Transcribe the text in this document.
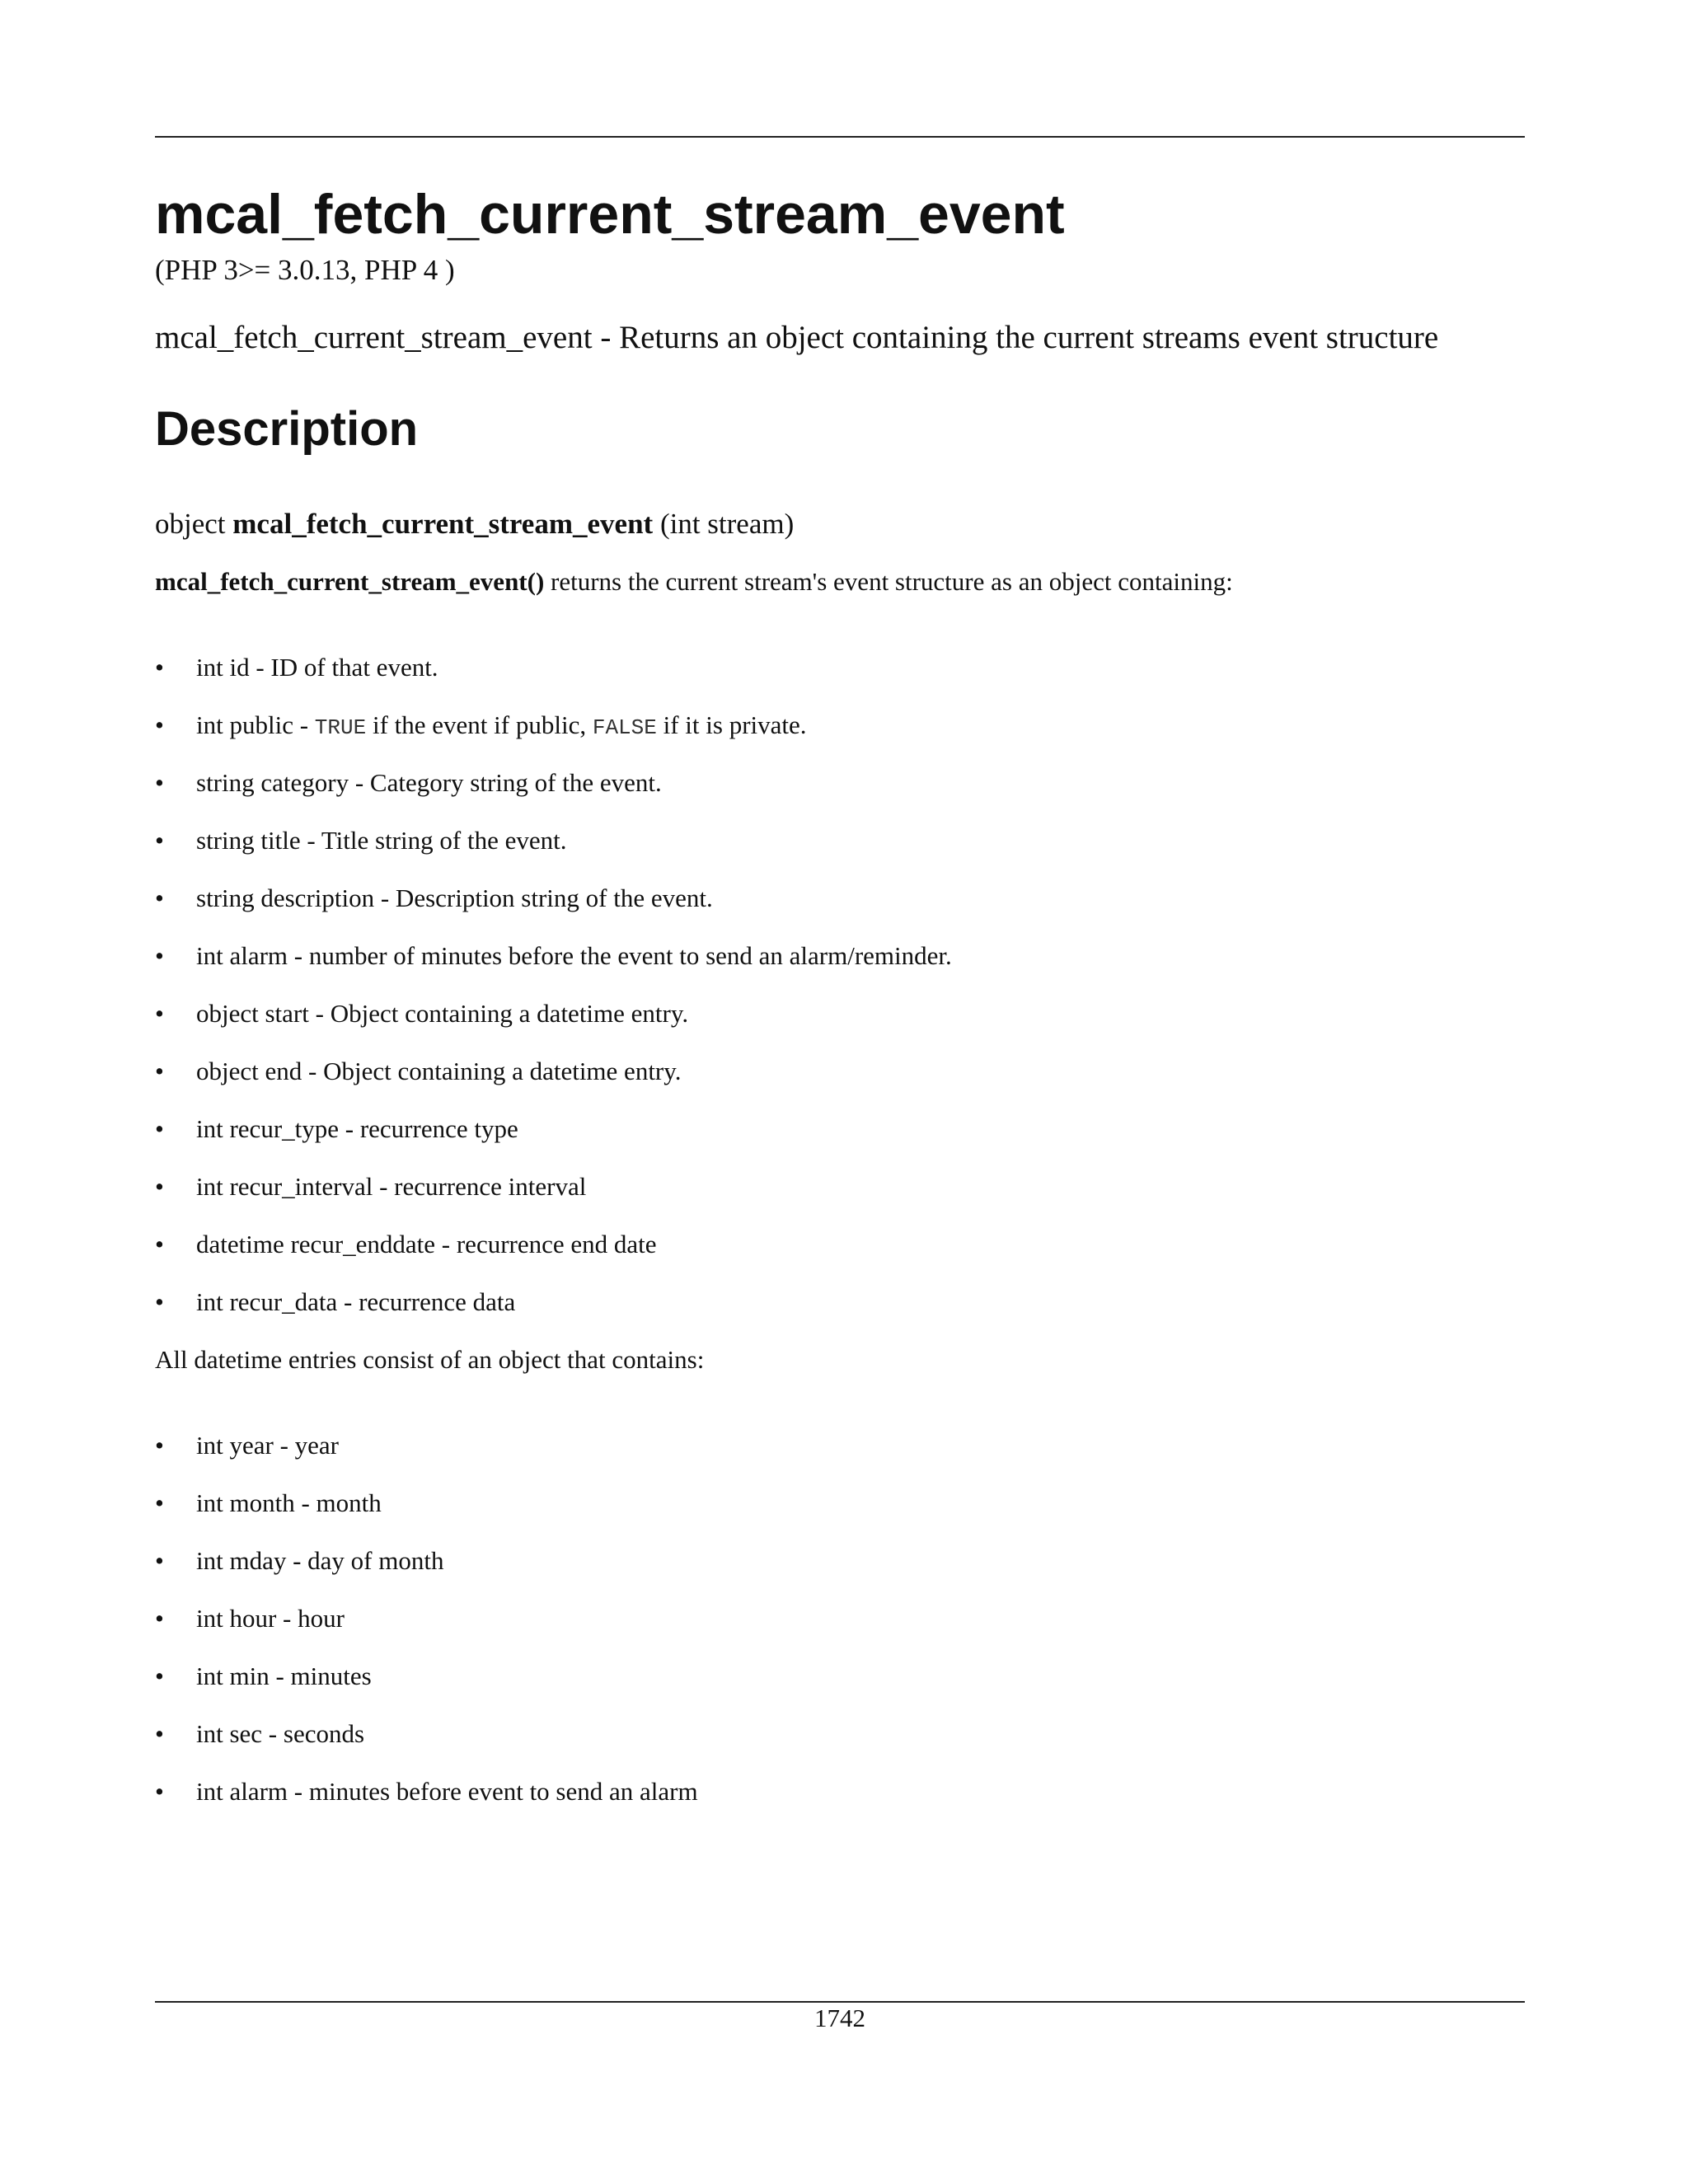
mcal_fetch_current_stream_event
(PHP 3>= 3.0.13, PHP 4 )
mcal_fetch_current_stream_event - Returns an object containing the current streams event structure
Description
object mcal_fetch_current_stream_event (int stream)
mcal_fetch_current_stream_event() returns the current stream's event structure as an object containing:
• int id - ID of that event.
• int public - TRUE if the event if public, FALSE if it is private.
• string category - Category string of the event.
• string title - Title string of the event.
• string description - Description string of the event.
• int alarm - number of minutes before the event to send an alarm/reminder.
• object start - Object containing a datetime entry.
• object end - Object containing a datetime entry.
• int recur_type - recurrence type
• int recur_interval - recurrence interval
• datetime recur_enddate - recurrence end date
• int recur_data - recurrence data
All datetime entries consist of an object that contains:
• int year - year
• int month - month
• int mday - day of month
• int hour - hour
• int min - minutes
• int sec - seconds
• int alarm - minutes before event to send an alarm
1742
